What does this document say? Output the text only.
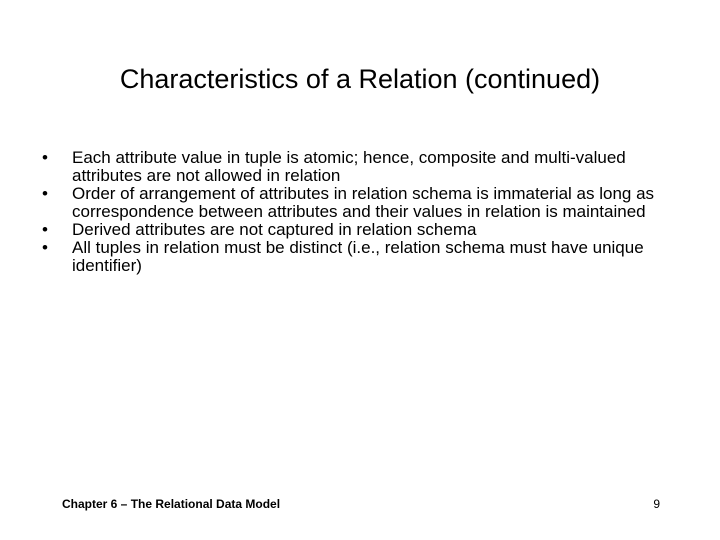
Characteristics of a Relation (continued)
• Each attribute value in tuple is atomic; hence, composite and multi-valued attributes are not allowed in relation
• Order of arrangement of attributes in relation schema is immaterial as long as correspondence between attributes and their values in relation is maintained
• Derived attributes are not captured in relation schema
• All tuples in relation must be distinct (i.e., relation schema must have unique identifier)
Chapter 6 – The Relational Data Model	9
